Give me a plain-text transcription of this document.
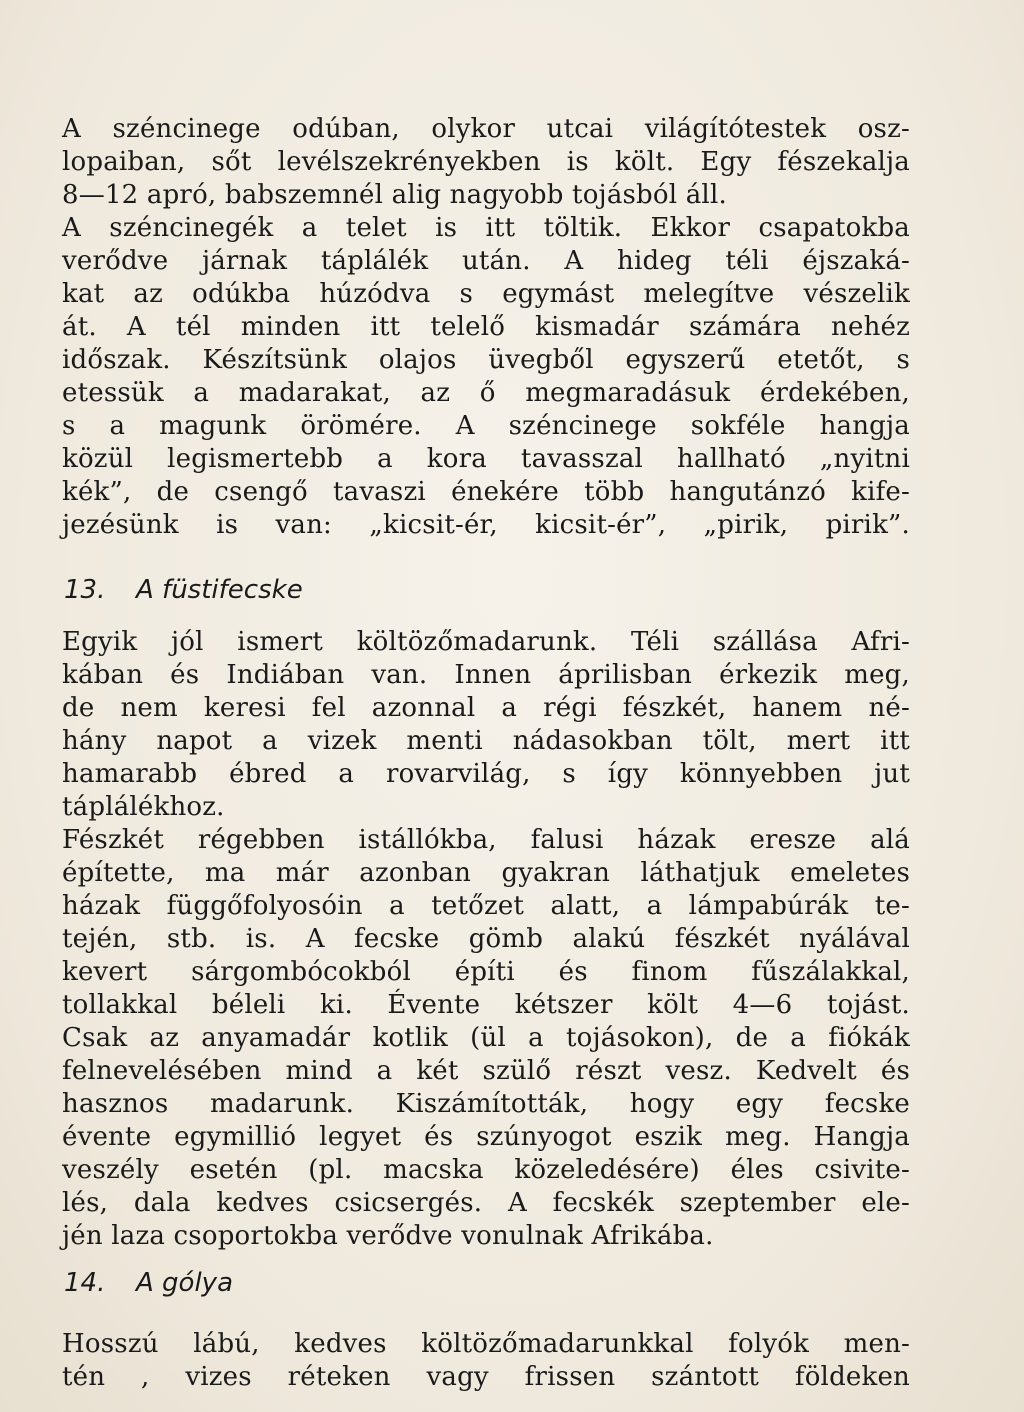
A széncinege odúban, olykor utcai világítótestek osz-
lopaiban, sőt levélszekrényekben is költ. Egy fészekalja
8—12 apró, babszemnél alig nagyobb tojásból áll.
A széncinegék a telet is itt töltik. Ekkor csapatokba
verődve járnak táplálék után. A hideg téli éjszaká-
kat az odúkba húzódva s egymást melegítve vészelik
át. A tél minden itt telelő kismadár számára nehéz
időszak. Készítsünk olajos üvegből egyszerű etetőt, s
etessük a madarakat, az ő megmaradásuk érdekében,
s a magunk örömére. A széncinege sokféle hangja
közül legismertebb a kora tavasszal hallható „nyitni
kék”, de csengő tavaszi énekére több hangutánzó kife-
jezésünk is van: „kicsit-ér, kicsit-ér”, „pirik, pirik”.
13. A füstifecske
Egyik jól ismert költözőmadarunk. Téli szállása Afri-
kában és Indiában van. Innen áprilisban érkezik meg,
de nem keresi fel azonnal a régi fészkét, hanem né-
hány napot a vizek menti nádasokban tölt, mert itt
hamarabb ébred a rovarvilág, s így könnyebben jut
táplálékhoz.
Fészkét régebben istállókba, falusi házak eresze alá
építette, ma már azonban gyakran láthatjuk emeletes
házak függőfolyosóin a tetőzet alatt, a lámpabúrák te-
tején, stb. is. A fecske gömb alakú fészkét nyálával
kevert sárgombócokból építi és finom fűszálakkal,
tollakkal béleli ki. Évente kétszer költ 4—6 tojást.
Csak az anyamadár kotlik (ül a tojásokon), de a fiókák
felnevelésében mind a két szülő részt vesz. Kedvelt és
hasznos madarunk. Kiszámították, hogy egy fecske
évente egymillió legyet és szúnyogot eszik meg. Hangja
veszély esetén (pl. macska közeledésére) éles csivite-
lés, dala kedves csicsergés. A fecskék szeptember ele-
jén laza csoportokba verődve vonulnak Afrikába.
14. A gólya
Hosszú lábú, kedves költözőmadarunkkal folyók men-
tén , vizes réteken vagy frissen szántott földeken
